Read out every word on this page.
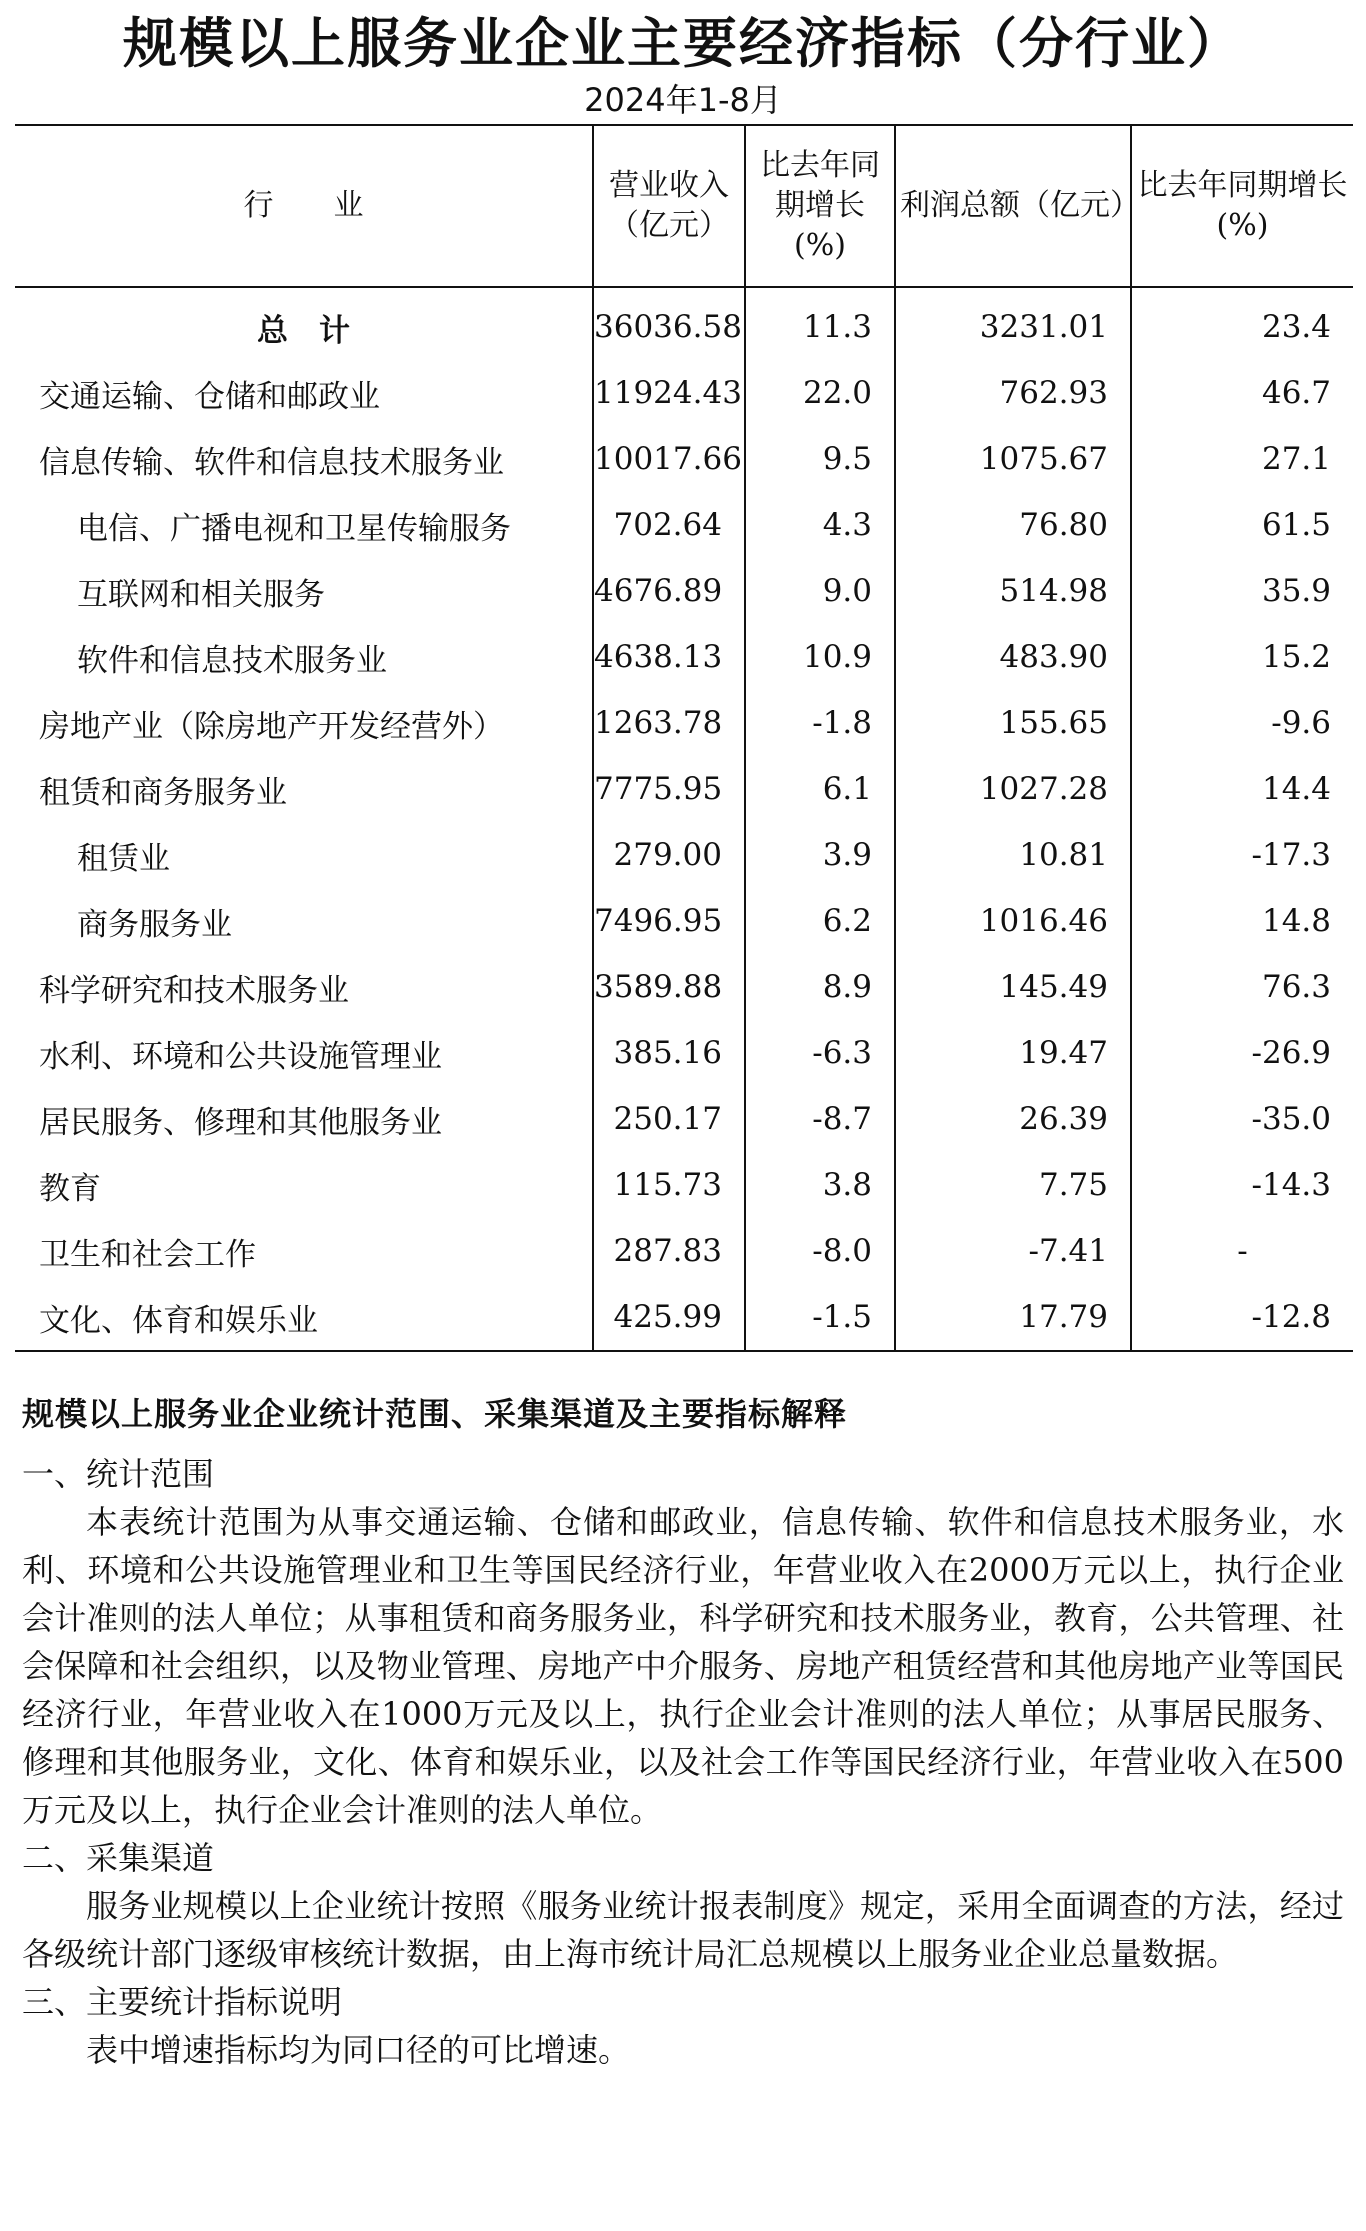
规模以上服务业企业主要经济指标（分行业）
2024年1-8月
行　　业	营业收入（亿元）	比去年同期增长(%)	利润总额（亿元）	比去年同期增长(%)
总　计	36036.58	11.3	3231.01	23.4
交通运输、仓储和邮政业	11924.43	22.0	762.93	46.7
信息传输、软件和信息技术服务业	10017.66	9.5	1075.67	27.1
电信、广播电视和卫星传输服务	702.64	4.3	76.80	61.5
互联网和相关服务	4676.89	9.0	514.98	35.9
软件和信息技术服务业	4638.13	10.9	483.90	15.2
房地产业（除房地产开发经营外）	1263.78	-1.8	155.65	-9.6
租赁和商务服务业	7775.95	6.1	1027.28	14.4
租赁业	279.00	3.9	10.81	-17.3
商务服务业	7496.95	6.2	1016.46	14.8
科学研究和技术服务业	3589.88	8.9	145.49	76.3
水利、环境和公共设施管理业	385.16	-6.3	19.47	-26.9
居民服务、修理和其他服务业	250.17	-8.7	26.39	-35.0
教育	115.73	3.8	7.75	-14.3
卫生和社会工作	287.83	-8.0	-7.41	-
文化、体育和娱乐业	425.99	-1.5	17.79	-12.8
规模以上服务业企业统计范围、采集渠道及主要指标解释
一、统计范围

本表统计范围为从事交通运输、仓储和邮政业，信息传输、软件和信息技术服务业，水利、环境和公共设施管理业和卫生等国民经济行业，年营业收入在2000万元以上，执行企业会计准则的法人单位；从事租赁和商务服务业，科学研究和技术服务业，教育，公共管理、社会保障和社会组织，以及物业管理、房地产中介服务、房地产租赁经营和其他房地产业等国民经济行业，年营业收入在1000万元及以上，执行企业会计准则的法人单位；从事居民服务、修理和其他服务业，文化、体育和娱乐业，以及社会工作等国民经济行业，年营业收入在500万元及以上，执行企业会计准则的法人单位。

二、采集渠道

服务业规模以上企业统计按照《服务业统计报表制度》规定，采用全面调查的方法，经过各级统计部门逐级审核统计数据，由上海市统计局汇总规模以上服务业企业总量数据。

三、主要统计指标说明

表中增速指标均为同口径的可比增速。
